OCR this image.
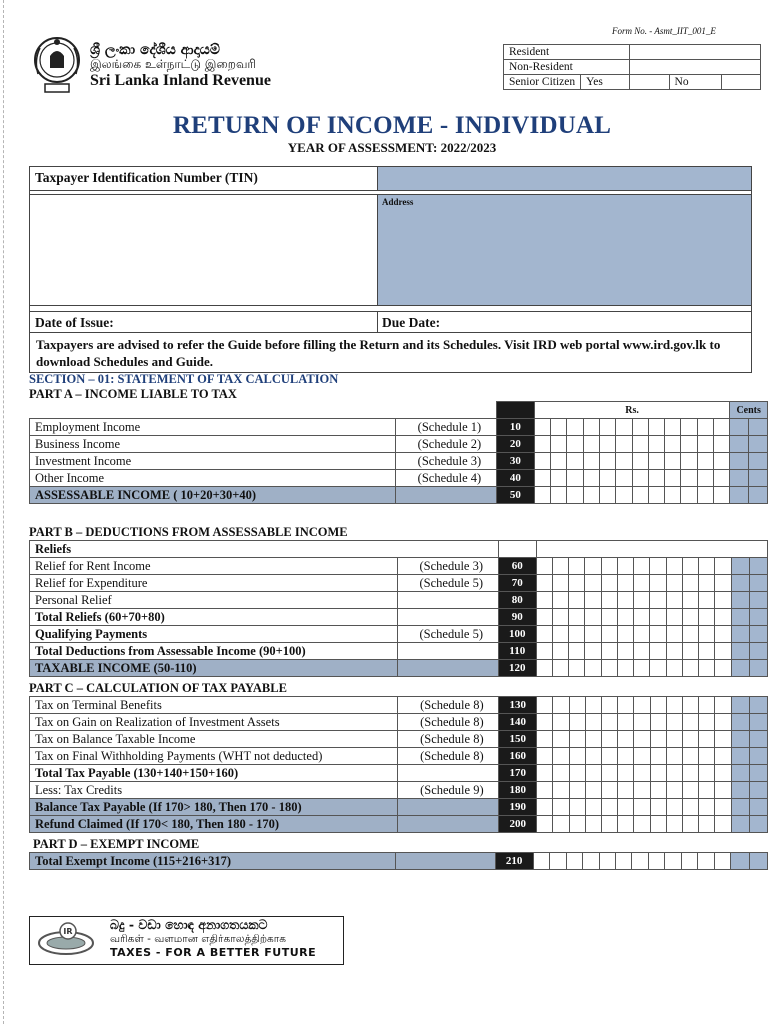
Form No. - Asmt_IIT_001_E
ශ්‍රී ලංකා දේශීය ආදායම්
இலங்கை உள்நாட்டு இறைவரி
Sri Lanka Inland Revenue
Resident				
Non-Resident				
Senior Citizen	Yes		No	
RETURN OF INCOME - INDIVIDUAL
YEAR OF ASSESSMENT: 2022/2023
Taxpayer Identification Number (TIN)
Address
Date of Issue:	Due Date:
Taxpayers are advised to refer the Guide before filling the Return and its Schedules. Visit IRD web portal www.ird.gov.lk to download Schedules and Guide.
SECTION – 01: STATEMENT OF TAX CALCULATION
PART A – INCOME LIABLE TO TAX
			Rs.												Cents	
Employment Income	(Schedule 1)	10														
Business Income	(Schedule 2)	20														
Investment Income	(Schedule 3)	30														
Other Income	(Schedule 4)	40														
ASSESSABLE INCOME ( 10+20+30+40)		50														
PART B – DEDUCTIONS FROM ASSESSABLE INCOME
Reliefs																
Relief for Rent Income	(Schedule 3)	60														
Relief for Expenditure	(Schedule 5)	70														
Personal Relief		80														
Total Reliefs (60+70+80)		90														
Qualifying Payments	(Schedule 5)	100														
Total Deductions from Assessable Income (90+100)		110														
TAXABLE INCOME (50-110)		120														
PART C – CALCULATION OF TAX PAYABLE
Tax on Terminal Benefits	(Schedule 8)	130														
Tax on Gain on Realization of Investment Assets	(Schedule 8)	140														
Tax on Balance Taxable Income	(Schedule 8)	150														
Tax on Final Withholding Payments (WHT not deducted)	(Schedule 8)	160														
Total Tax Payable (130+140+150+160)		170														
Less: Tax Credits	(Schedule 9)	180														
Balance Tax Payable (If 170> 180, Then 170 - 180)		190														
Refund Claimed (If 170< 180, Then 180 - 170)		200														
PART D – EXEMPT INCOME
Total Exempt Income (115+216+317)		210														
IR	බදු - වඩා හොඳ අනාගතයකට
வரிகள் - வளமான எதிர்காலத்திற்காக
TAXES - FOR A BETTER FUTURE
